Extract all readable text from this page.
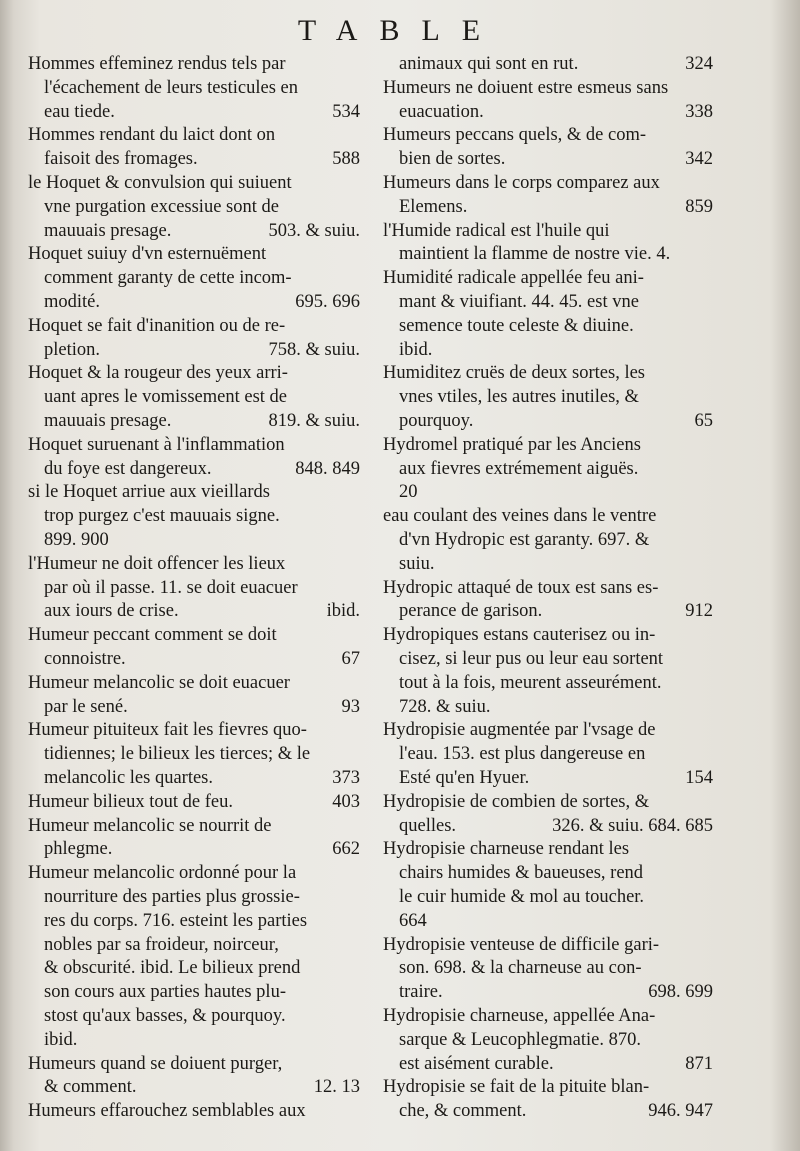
TABLE
Hommes effeminez rendus tels par
l'écachement de leurs testicules en
eau tiede.	534
Hommes rendant du laict dont on
faisoit des fromages.	588
le Hoquet & convulsion qui suiuent
vne purgation excessiue sont de
mauuais presage.	503. & suiu.
Hoquet suiuy d'vn esternuëment
comment garanty de cette incom-
modité.	695. 696
Hoquet se fait d'inanition ou de re-
pletion.	758. & suiu.
Hoquet & la rougeur des yeux arri-
uant apres le vomissement est de
mauuais presage.	819. & suiu.
Hoquet suruenant à l'inflammation
du foye est dangereux.	848. 849
si le Hoquet arriue aux vieillards
trop purgez c'est mauuais signe.
899. 900
l'Humeur ne doit offencer les lieux
par où il passe. 11. se doit euacuer
aux iours de crise.	ibid.
Humeur peccant comment se doit
connoistre.	67
Humeur melancolic se doit euacuer
par le sené.	93
Humeur pituiteux fait les fievres quo-
tidiennes; le bilieux les tierces; & le
melancolic les quartes.	373
Humeur bilieux tout de feu.	403
Humeur melancolic se nourrit de
phlegme.	662
Humeur melancolic ordonné pour la
nourriture des parties plus grossie-
res du corps. 716. esteint les parties
nobles par sa froideur, noirceur,
& obscurité. ibid. Le bilieux prend
son cours aux parties hautes plu-
stost qu'aux basses, & pourquoy.
ibid.
Humeurs quand se doiuent purger,
& comment.	12. 13
Humeurs effarouchez semblables aux
animaux qui sont en rut.	324
Humeurs ne doiuent estre esmeus sans
euacuation.	338
Humeurs peccans quels, & de com-
bien de sortes.	342
Humeurs dans le corps comparez aux
Elemens.	859
l'Humide radical est l'huile qui
maintient la flamme de nostre vie. 4.
Humidité radicale appellée feu ani-
mant & viuifiant. 44. 45. est vne
semence toute celeste & diuine.
ibid.
Humiditez cruës de deux sortes, les
vnes vtiles, les autres inutiles, &
pourquoy.	65
Hydromel pratiqué par les Anciens
aux fievres extrémement aiguës.
20
eau coulant des veines dans le ventre
d'vn Hydropic est garanty. 697. &
suiu.
Hydropic attaqué de toux est sans es-
perance de garison.	912
Hydropiques estans cauterisez ou in-
cisez, si leur pus ou leur eau sortent
tout à la fois, meurent asseurément.
728. & suiu.
Hydropisie augmentée par l'vsage de
l'eau. 153. est plus dangereuse en
Esté qu'en Hyuer.	154
Hydropisie de combien de sortes, &
quelles.	326. & suiu. 684. 685
Hydropisie charneuse rendant les
chairs humides & baueuses, rend
le cuir humide & mol au toucher.
664
Hydropisie venteuse de difficile gari-
son. 698. & la charneuse au con-
traire.	698. 699
Hydropisie charneuse, appellée Ana-
sarque & Leucophlegmatie. 870.
est aisément curable.	871
Hydropisie se fait de la pituite blan-
che, & comment.	946. 947
